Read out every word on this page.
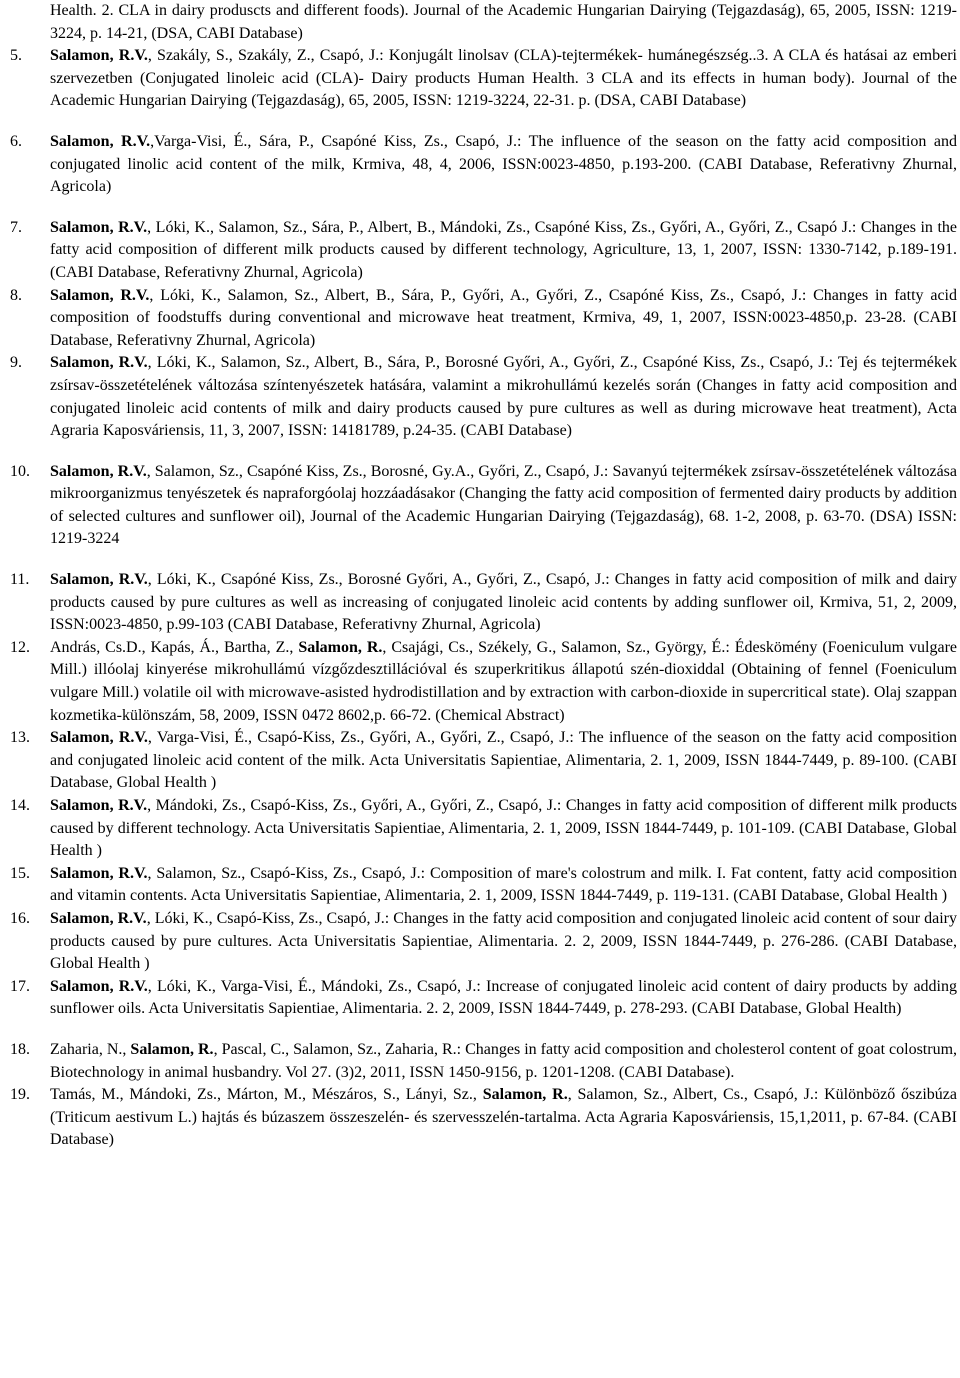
Health. 2. CLA in dairy produscts and different foods). Journal of the Academic Hungarian Dairying (Tejgazdaság), 65, 2005, ISSN: 1219-3224, p. 14-21, (DSA, CABI Database)
5.	Salamon, R.V., Szakály, S., Szakály, Z., Csapó, J.: Konjugált linolsav (CLA)-tejtermékek- humánegészség..3. A CLA és hatásai az emberi szervezetben (Conjugated linoleic acid (CLA)- Dairy products Human Health. 3 CLA and its effects in human body). Journal of the Academic Hungarian Dairying (Tejgazdaság), 65, 2005, ISSN: 1219-3224, 22-31. p. (DSA, CABI Database)
6.	Salamon, R.V.,Varga-Visi, É., Sára, P., Csapóné Kiss, Zs., Csapó, J.: The influence of the season on the fatty acid composition and conjugated linolic acid content of the milk, Krmiva, 48, 4, 2006, ISSN:0023-4850, p.193-200. (CABI Database, Referativny Zhurnal, Agricola)
7.	Salamon, R.V., Lóki, K., Salamon, Sz., Sára, P., Albert, B., Mándoki, Zs., Csapóné Kiss, Zs., Győri, A., Győri, Z., Csapó J.: Changes in the fatty acid composition of different milk products caused by different technology, Agriculture, 13, 1, 2007, ISSN: 1330-7142, p.189-191. (CABI Database, Referativny Zhurnal, Agricola)
8.	Salamon, R.V., Lóki, K., Salamon, Sz., Albert, B., Sára, P., Győri, A., Győri, Z., Csapóné Kiss, Zs., Csapó, J.: Changes in fatty acid composition of foodstuffs during conventional and microwave heat treatment, Krmiva, 49, 1, 2007, ISSN:0023-4850,p. 23-28. (CABI Database, Referativny Zhurnal, Agricola)
9.	Salamon, R.V., Lóki, K., Salamon, Sz., Albert, B., Sára, P., Borosné Győri, A., Győri, Z., Csapóné Kiss, Zs., Csapó, J.: Tej és tejtermékek zsírsav-összetételének változása színtenyészetek hatására, valamint a mikrohullámú kezelés során (Changes in fatty acid composition and conjugated linoleic acid contents of milk and dairy products caused by pure cultures as well as during microwave heat treatment), Acta Agraria Kaposváriensis, 11, 3, 2007, ISSN: 14181789, p.24-35. (CABI Database)
10.	Salamon, R.V., Salamon, Sz., Csapóné Kiss, Zs., Borosné, Gy.A., Győri, Z., Csapó, J.: Savanyú tejtermékek zsírsav-összetételének változása mikroorganizmus tenyészetek és napraforgóolaj hozzáadásakor (Changing the fatty acid composition of fermented dairy products by addition of selected cultures and sunflower oil), Journal of the Academic Hungarian Dairying (Tejgazdaság), 68. 1-2, 2008, p. 63-70. (DSA) ISSN: 1219-3224
11.	Salamon, R.V., Lóki, K., Csapóné Kiss, Zs., Borosné Győri, A., Győri, Z., Csapó, J.: Changes in fatty acid composition of milk and dairy products caused by pure cultures as well as increasing of conjugated linoleic acid contents by adding sunflower oil, Krmiva, 51, 2, 2009, ISSN:0023-4850, p.99-103 (CABI Database, Referativny Zhurnal, Agricola)
12.	András, Cs.D., Kapás, Á., Bartha, Z., Salamon, R., Csajági, Cs., Székely, G., Salamon, Sz., György, É.: Édeskömény (Foeniculum vulgare Mill.) illóolaj kinyerése mikrohullámú vízgőzdesztillációval és szuperkritikus állapotú szén-dioxiddal (Obtaining of fennel (Foeniculum vulgare Mill.) volatile oil with microwave-asisted hydrodistillation and by extraction with carbon-dioxide in supercritical state). Olaj szappan kozmetika-különszám, 58, 2009, ISSN 0472 8602,p. 66-72. (Chemical Abstract)
13.	Salamon, R.V., Varga-Visi, É., Csapó-Kiss, Zs., Győri, A., Győri, Z., Csapó, J.: The influence of the season on the fatty acid composition and conjugated linoleic acid content of the milk. Acta Universitatis Sapientiae, Alimentaria, 2. 1, 2009, ISSN 1844-7449, p. 89-100. (CABI Database, Global Health )
14.	Salamon, R.V., Mándoki, Zs., Csapó-Kiss, Zs., Győri, A., Győri, Z., Csapó, J.: Changes in fatty acid composition of different milk products caused by different technology. Acta Universitatis Sapientiae, Alimentaria, 2. 1, 2009, ISSN 1844-7449, p. 101-109. (CABI Database, Global Health )
15.	Salamon, R.V., Salamon, Sz., Csapó-Kiss, Zs., Csapó, J.: Composition of mare's colostrum and milk. I. Fat content, fatty acid composition and vitamin contents. Acta Universitatis Sapientiae, Alimentaria, 2. 1, 2009, ISSN 1844-7449, p. 119-131. (CABI Database, Global Health )
16.	Salamon, R.V., Lóki, K., Csapó-Kiss, Zs., Csapó, J.: Changes in the fatty acid composition and conjugated linoleic acid content of sour dairy products caused by pure cultures. Acta Universitatis Sapientiae, Alimentaria. 2. 2, 2009, ISSN 1844-7449, p. 276-286. (CABI Database, Global Health )
17.	Salamon, R.V., Lóki, K., Varga-Visi, É., Mándoki, Zs., Csapó, J.: Increase of conjugated linoleic acid content of dairy products by adding sunflower oils. Acta Universitatis Sapientiae, Alimentaria. 2. 2, 2009, ISSN 1844-7449, p. 278-293. (CABI Database, Global Health)
18.	Zaharia, N., Salamon, R., Pascal, C., Salamon, Sz., Zaharia, R.: Changes in fatty acid composition and cholesterol content of goat colostrum, Biotechnology in animal husbandry. Vol 27. (3)2, 2011, ISSN 1450-9156, p. 1201-1208. (CABI Database).
19.	Tamás, M., Mándoki, Zs., Márton, M., Mészáros, S., Lányi, Sz., Salamon, R., Salamon, Sz., Albert, Cs., Csapó, J.: Különböző őszibúza (Triticum aestivum L.) hajtás és búzaszem összeszelén- és szervesszelén-tartalma. Acta Agraria Kaposváriensis, 15,1,2011, p. 67-84. (CABI Database)
